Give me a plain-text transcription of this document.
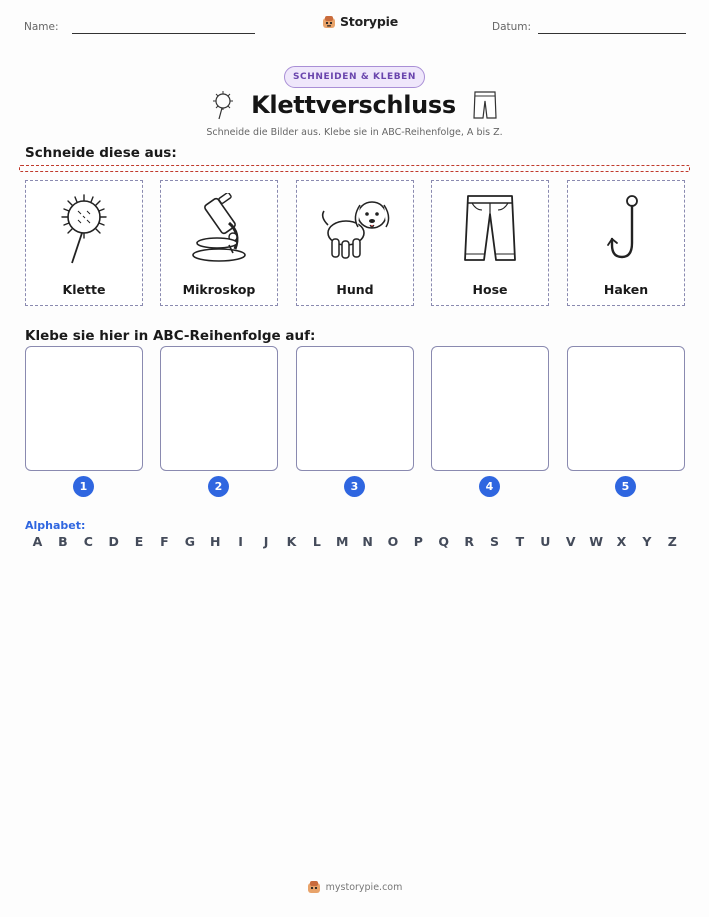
Name:	Storypie	Datum:
SCHNEIDEN & KLEBEN
Klettverschluss
Schneide die Bilder aus. Klebe sie in ABC-Reihenfolge, A bis Z.
Schneide diese aus:
Klette	Mikroskop	Hund	Hose	Haken
Klebe sie hier in ABC-Reihenfolge auf:
1	2	3	4	5
Alphabet:
A	B	C	D	E	F	G	H	I	J	K	L	M	N	O	P	Q	R	S	T	U	V	W	X	Y	Z
mystorypie.com
